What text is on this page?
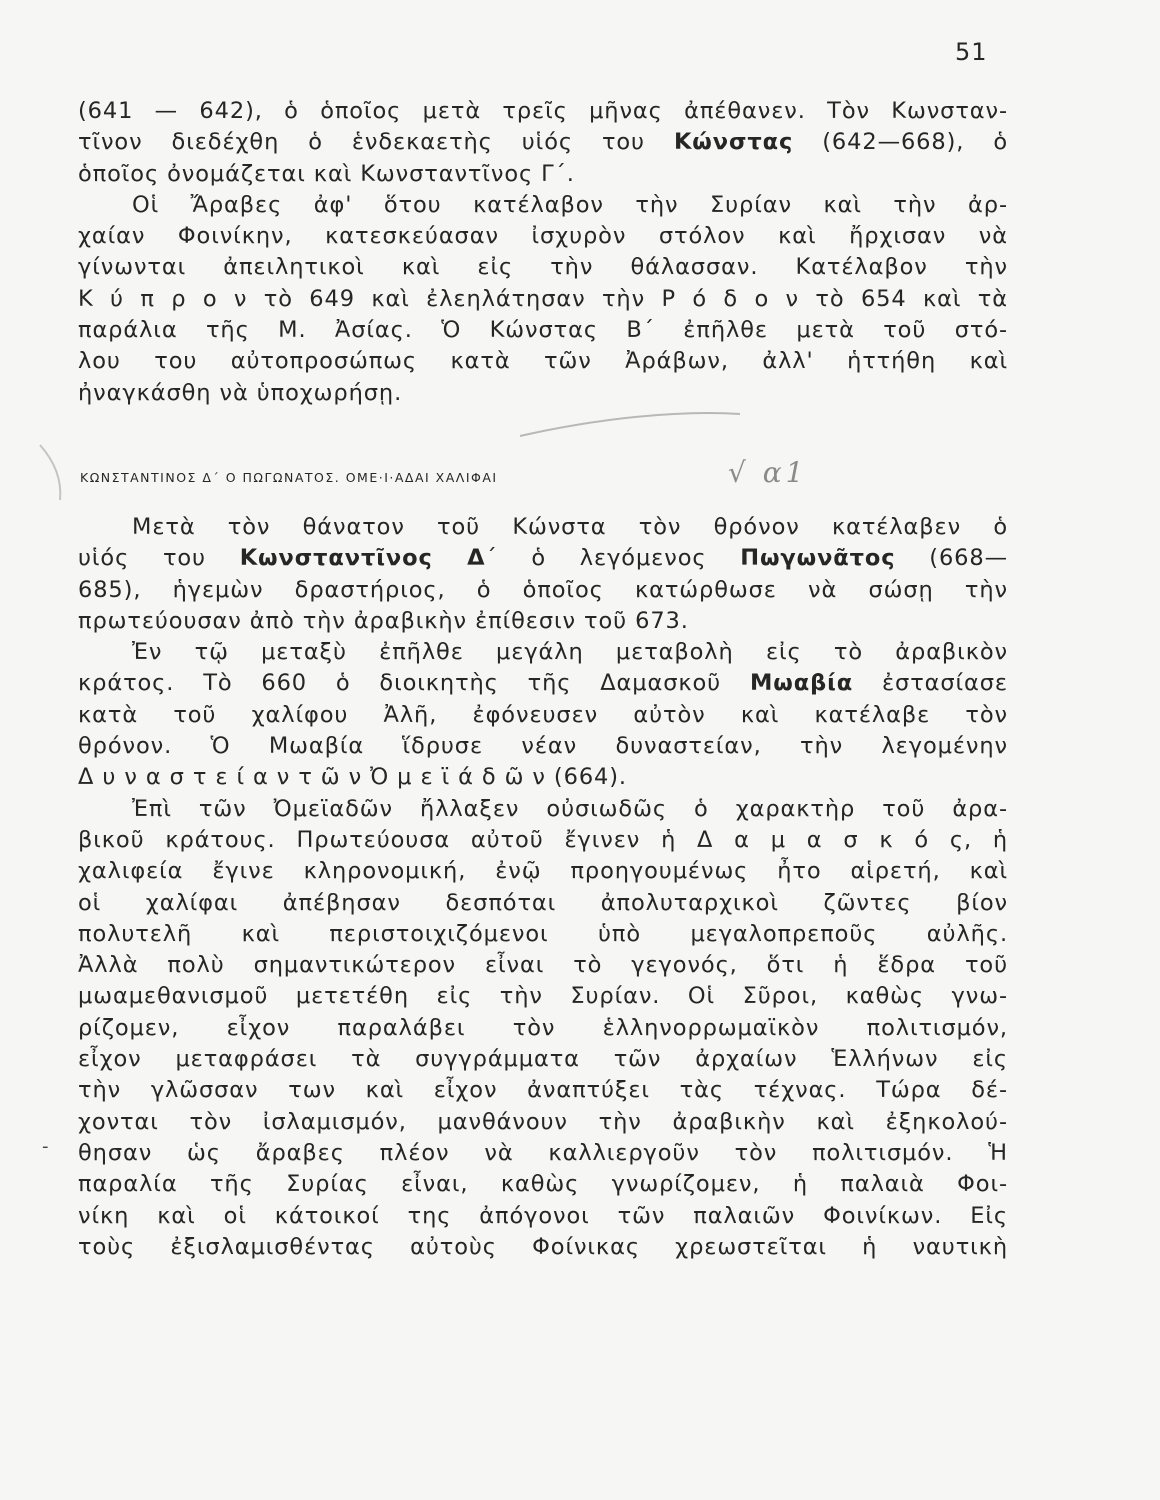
51
(641 — 642), ὁ ὁποῖος μετὰ τρεῖς μῆνας ἀπέθανεν. Τὸν Κωνσταν-
τῖνον διεδέχθη ὁ ἑνδεκαετὴς υἱός του Κώνστας (642—668), ὁ
ὁποῖος ὀνομάζεται καὶ Κωνσταντῖνος Γ΄.
Οἱ Ἄραβες ἀφ' ὅτου κατέλαβον τὴν Συρίαν καὶ τὴν ἀρ-
χαίαν Φοινίκην, κατεσκεύασαν ἰσχυρὸν στόλον καὶ ἤρχισαν νὰ
γίνωνται ἀπειλητικοὶ καὶ εἰς τὴν θάλασσαν. Κατέλαβον τὴν
Κ ύ π ρ ο ν τὸ 649 καὶ ἐλεηλάτησαν τὴν Ρ ό δ ο ν τὸ 654 καὶ τὰ
παράλια τῆς Μ. Ἀσίας. Ὁ Κώνστας Β΄ ἐπῆλθε μετὰ τοῦ στό-
λου του αὐτοπροσώπως κατὰ τῶν Ἀράβων, ἀλλ' ἡττήθη καὶ
ἠναγκάσθη νὰ ὑποχωρήσῃ.
ΚΩΝΣΤΑΝΤΙΝΟΣ Δ΄ Ο ΠΩΓΩΝΑΤΟΣ. ΟΜΕ·Ι·ΑΔΑΙ ΧΑΛΙΦΑΙ	√ α1
Μετὰ τὸν θάνατον τοῦ Κώνστα τὸν θρόνον κατέλαβεν ὁ
υἱός του Κωνσταντῖνος Δ΄ ὁ λεγόμενος Πωγωνᾶτος (668—
685), ἡγεμὼν δραστήριος, ὁ ὁποῖος κατώρθωσε νὰ σώσῃ τὴν
πρωτεύουσαν ἀπὸ τὴν ἀραβικὴν ἐπίθεσιν τοῦ 673.
Ἐν τῷ μεταξὺ ἐπῆλθε μεγάλη μεταβολὴ εἰς τὸ ἀραβικὸν
κράτος. Τὸ 660 ὁ διοικητὴς τῆς Δαμασκοῦ Μωαβία ἐστασίασε
κατὰ τοῦ χαλίφου Ἀλῆ, ἐφόνευσεν αὐτὸν καὶ κατέλαβε τὸν
θρόνον. Ὁ Μωαβία ἵδρυσε νέαν δυναστείαν, τὴν λεγομένην
Δ υ ν α σ τ ε ί α ν τ ῶ ν Ὀ μ ε ϊ ά δ ῶ ν (664).
Ἐπὶ τῶν Ὀμεϊαδῶν ἤλλαξεν οὐσιωδῶς ὁ χαρακτὴρ τοῦ ἀρα-
βικοῦ κράτους. Πρωτεύουσα αὐτοῦ ἔγινεν ἡ Δ α μ α σ κ ό ς, ἡ
χαλιφεία ἔγινε κληρονομική, ἐνῷ προηγουμένως ἦτο αἱρετή, καὶ
οἱ χαλίφαι ἀπέβησαν δεσπόται ἀπολυταρχικοὶ ζῶντες βίον
πολυτελῆ καὶ περιστοιχιζόμενοι ὑπὸ μεγαλοπρεποῦς αὐλῆς.
Ἀλλὰ πολὺ σημαντικώτερον εἶναι τὸ γεγονός, ὅτι ἡ ἕδρα τοῦ
μωαμεθανισμοῦ μετετέθη εἰς τὴν Συρίαν. Οἱ Σῦροι, καθὼς γνω-
ρίζομεν, εἶχον παραλάβει τὸν ἑλληνορρωμαϊκὸν πολιτισμόν,
εἶχον μεταφράσει τὰ συγγράμματα τῶν ἀρχαίων Ἑλλήνων εἰς
τὴν γλῶσσαν των καὶ εἶχον ἀναπτύξει τὰς τέχνας. Τώρα δέ-
χονται τὸν ἰσλαμισμόν, μανθάνουν τὴν ἀραβικὴν καὶ ἐξηκολού-
θησαν ὡς ἄραβες πλέον νὰ καλλιεργοῦν τὸν πολιτισμόν. Ἡ
παραλία τῆς Συρίας εἶναι, καθὼς γνωρίζομεν, ἡ παλαιὰ Φοι-
νίκη καὶ οἱ κάτοικοί της ἀπόγονοι τῶν παλαιῶν Φοινίκων. Εἰς
τοὺς ἐξισλαμισθέντας αὐτοὺς Φοίνικας χρεωστεῖται ἡ ναυτικὴ
-
